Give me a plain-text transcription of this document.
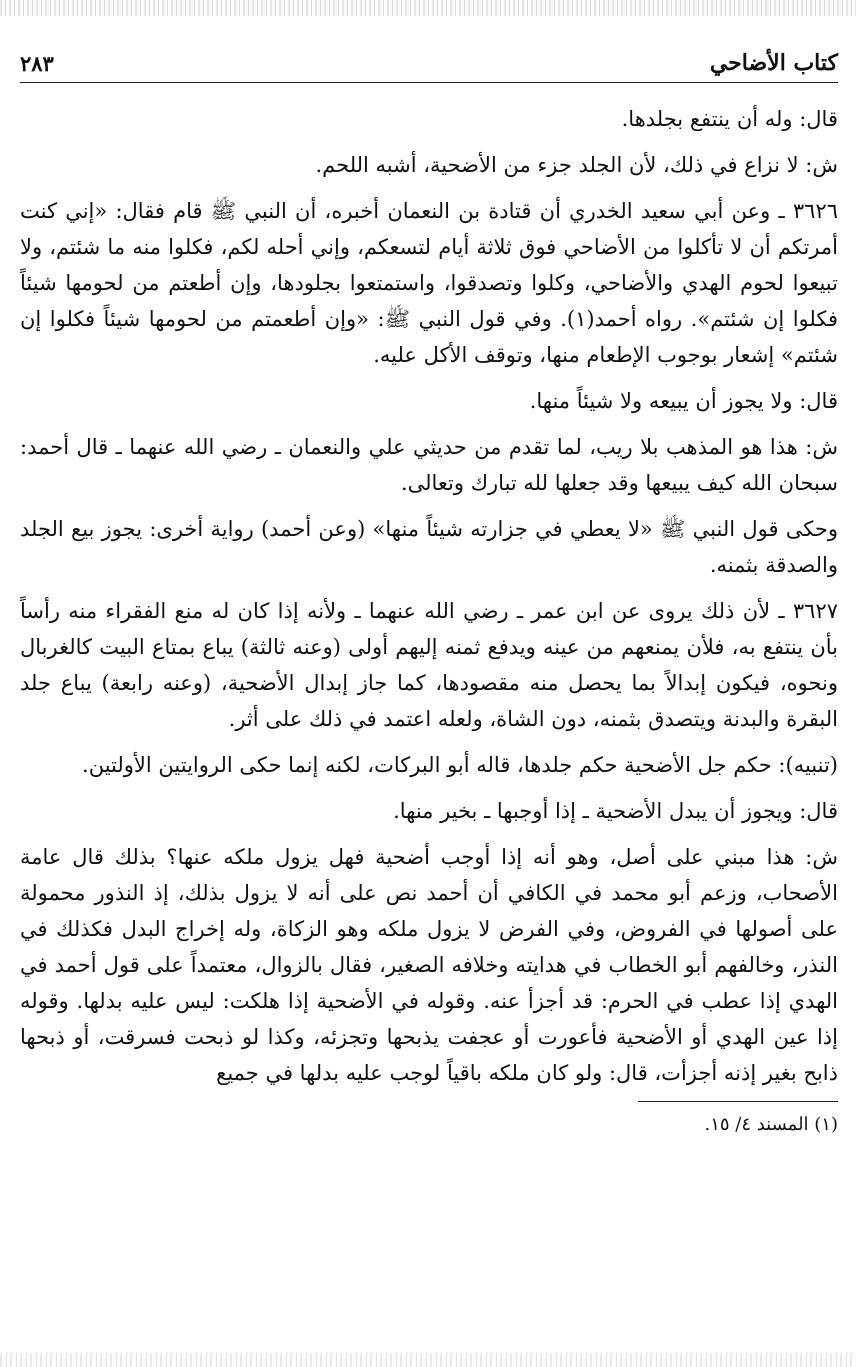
كتاب الأضاحي
٢٨٣

قال: وله أن ينتفع بجلدها.

ش: لا نزاع في ذلك، لأن الجلد جزء من الأضحية، أشبه اللحم.

٣٦٢٦ ـ وعن أبي سعيد الخدري أن قتادة بن النعمان أخبره، أن النبي ﷺ قام فقال: «إني كنت أمرتكم أن لا تأكلوا من الأضاحي فوق ثلاثة أيام لتسعكم، وإني أحله لكم، فكلوا منه ما شئتم، ولا تبيعوا لحوم الهدي والأضاحي، وكلوا وتصدقوا، واستمتعوا بجلودها، وإن أطعتم من لحومها شيئاً فكلوا إن شئتم». رواه أحمد(١). وفي قول النبي ﷺ: «وإن أطعمتم من لحومها شيئاً فكلوا إن شئتم» إشعار بوجوب الإطعام منها، وتوقف الأكل عليه.

قال: ولا يجوز أن يبيعه ولا شيئاً منها.

ش: هذا هو المذهب بلا ريب، لما تقدم من حديثي علي والنعمان ـ رضي الله عنهما ـ قال أحمد: سبحان الله كيف يبيعها وقد جعلها لله تبارك وتعالى.

وحكى قول النبي ﷺ «لا يعطي في جزارته شيئاً منها» (وعن أحمد) رواية أخرى: يجوز بيع الجلد والصدقة بثمنه.

٣٦٢٧ ـ لأن ذلك يروى عن ابن عمر ـ رضي الله عنهما ـ ولأنه إذا كان له منع الفقراء منه رأساً بأن ينتفع به، فلأن يمنعهم من عينه ويدفع ثمنه إليهم أولى (وعنه ثالثة) يباع بمتاع البيت كالغربال ونحوه، فيكون إبدالاً بما يحصل منه مقصودها، كما جاز إبدال الأضحية، (وعنه رابعة) يباع جلد البقرة والبدنة ويتصدق بثمنه، دون الشاة، ولعله اعتمد في ذلك على أثر.

(تنبيه): حكم جل الأضحية حكم جلدها، قاله أبو البركات، لكنه إنما حكى الروايتين الأولتين.

قال: ويجوز أن يبدل الأضحية ـ إذا أوجبها ـ بخير منها.

ش: هذا مبني على أصل، وهو أنه إذا أوجب أضحية فهل يزول ملكه عنها؟ بذلك قال عامة الأصحاب، وزعم أبو محمد في الكافي أن أحمد نص على أنه لا يزول بذلك، إذ النذور محمولة على أصولها في الفروض، وفي الفرض لا يزول ملكه وهو الزكاة، وله إخراج البدل فكذلك في النذر، وخالفهم أبو الخطاب في هدايته وخلافه الصغير، فقال بالزوال، معتمداً على قول أحمد في الهدي إذا عطب في الحرم: قد أجزأ عنه. وقوله في الأضحية إذا هلكت: ليس عليه بدلها. وقوله إذا عين الهدي أو الأضحية فأعورت أو عجفت يذبحها وتجزئه، وكذا لو ذبحت فسرقت، أو ذبحها ذابح بغير إذنه أجزأت، قال: ولو كان ملكه باقياً لوجب عليه بدلها في جميع

(١) المسند ٤/ ١٥.
